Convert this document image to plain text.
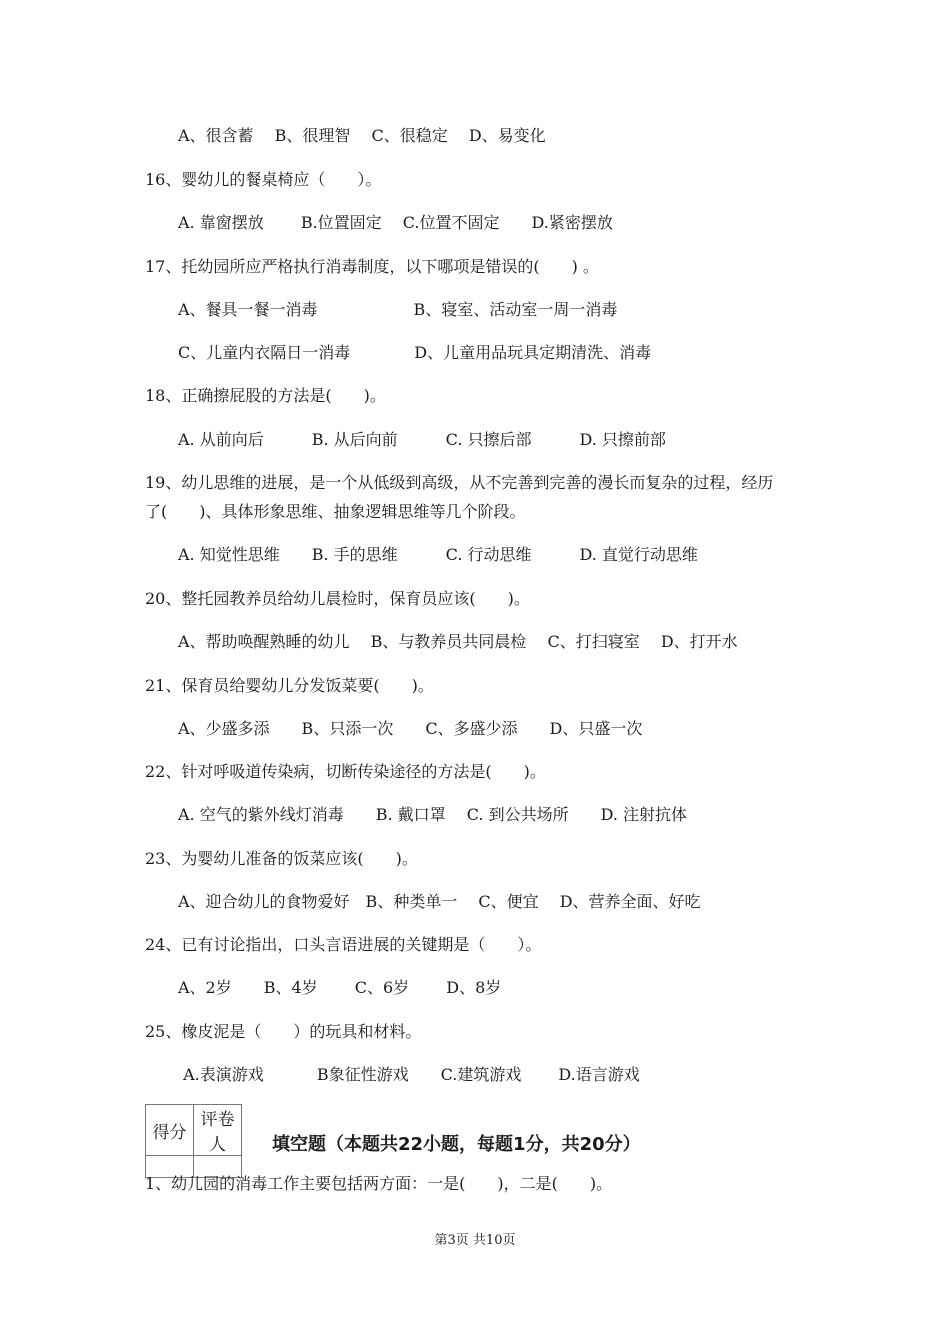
A、很含蓄　 B、很理智　 C、很稳定　 D、易变化
16、婴幼儿的餐桌椅应（　　）。
A. 靠窗摆放　　 B.位置固定　 C.位置不固定　　D.紧密摆放
17、托幼园所应严格执行消毒制度，以下哪项是错误的(　　) 。
A、餐具一餐一消毒　　　　　　B、寝室、活动室一周一消毒
C、儿童内衣隔日一消毒　　　　D、儿童用品玩具定期清洗、消毒
18、正确擦屁股的方法是(　　)。
A. 从前向后　　　B. 从后向前　　　C. 只擦后部　　　D. 只擦前部
19、幼儿思维的进展，是一个从低级到高级，从不完善到完善的漫长而复杂的过程，经历
了(　　)、具体形象思维、抽象逻辑思维等几个阶段。
A. 知觉性思维　　B. 手的思维　　　C. 行动思维　　　D. 直觉行动思维
20、整托园教养员给幼儿晨检时，保育员应该(　　)。
A、帮助唤醒熟睡的幼儿　 B、与教养员共同晨检　 C、打扫寝室　 D、打开水
21、保育员给婴幼儿分发饭菜要(　　)。
A、少盛多添　　B、只添一次　　C、多盛少添　　D、只盛一次
22、针对呼吸道传染病，切断传染途径的方法是(　　)。
A. 空气的紫外线灯消毒　　B. 戴口罩　 C. 到公共场所　　D. 注射抗体
23、为婴幼儿准备的饭菜应该(　　)。
A、迎合幼儿的食物爱好　B、种类单一　 C、便宜　 D、营养全面、好吃
24、已有讨论指出，口头言语进展的关键期是（　　）。
A、2岁　　B、4岁　　 C、6岁　　 D、8岁
25、橡皮泥是（　　）的玩具和材料。
A.表演游戏　　　 B象征性游戏　　C.建筑游戏　　 D.语言游戏
得分	评卷人
		填空题（本题共22小题，每题1分，共20分）
1、幼儿园的消毒工作主要包括两方面：一是(　　)，二是(　　)。
第3页 共10页
